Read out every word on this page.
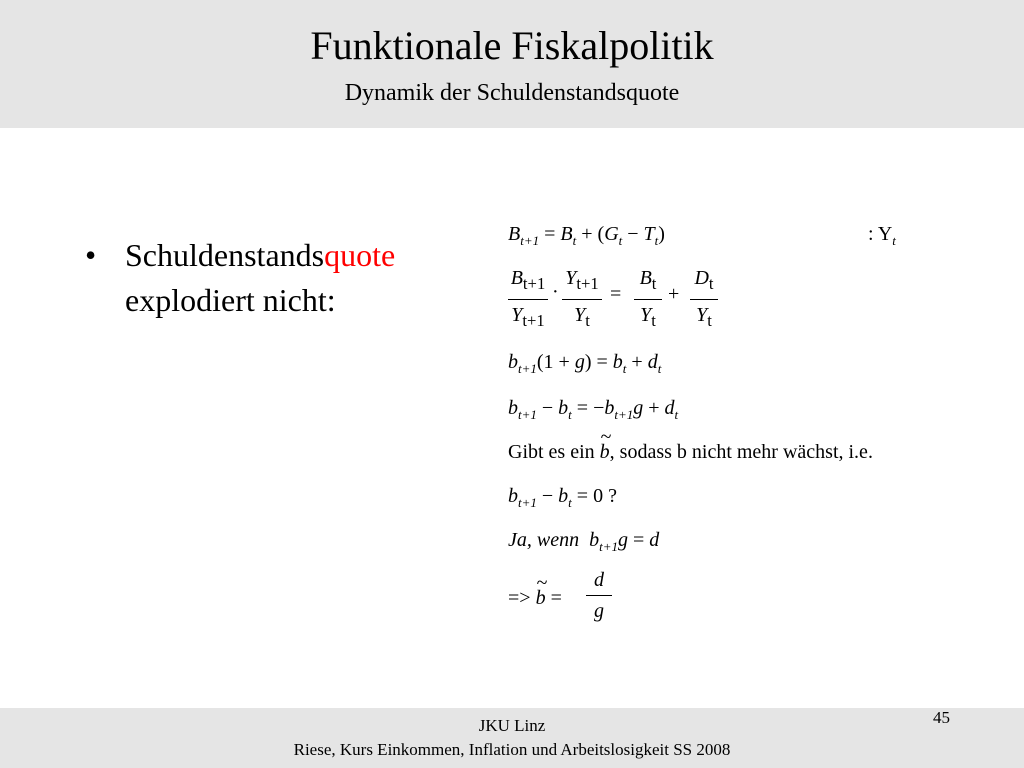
Funktionale Fiskalpolitik
Dynamik der Schuldenstandsquote
• Schuldenstandsquote
explodiert nicht:
$B_{t+1} = B_t + (G_t - T_t)$	: $Y_t$
$B_{t+1}$
$Y_{t+1}$
·
$Y_{t+1}$
$Y_t$
=
$B_t$
$Y_t$
+
$D_t$
$Y_t$
$b_{t+1}(1 + g) = b_t + d_t$
$b_{t+1} - b_t = -b_{t+1}g + d_t$
Gibt es ein
~
b, sodass b nicht mehr wächst, i.e.
$b_{t+1} - b_t = 0$ ?
Ja, wenn $b_{t+1}g = d$
=>
~
b =
d
g
JKU Linz
Riese, Kurs Einkommen, Inflation und Arbeitslosigkeit SS 2008
45
